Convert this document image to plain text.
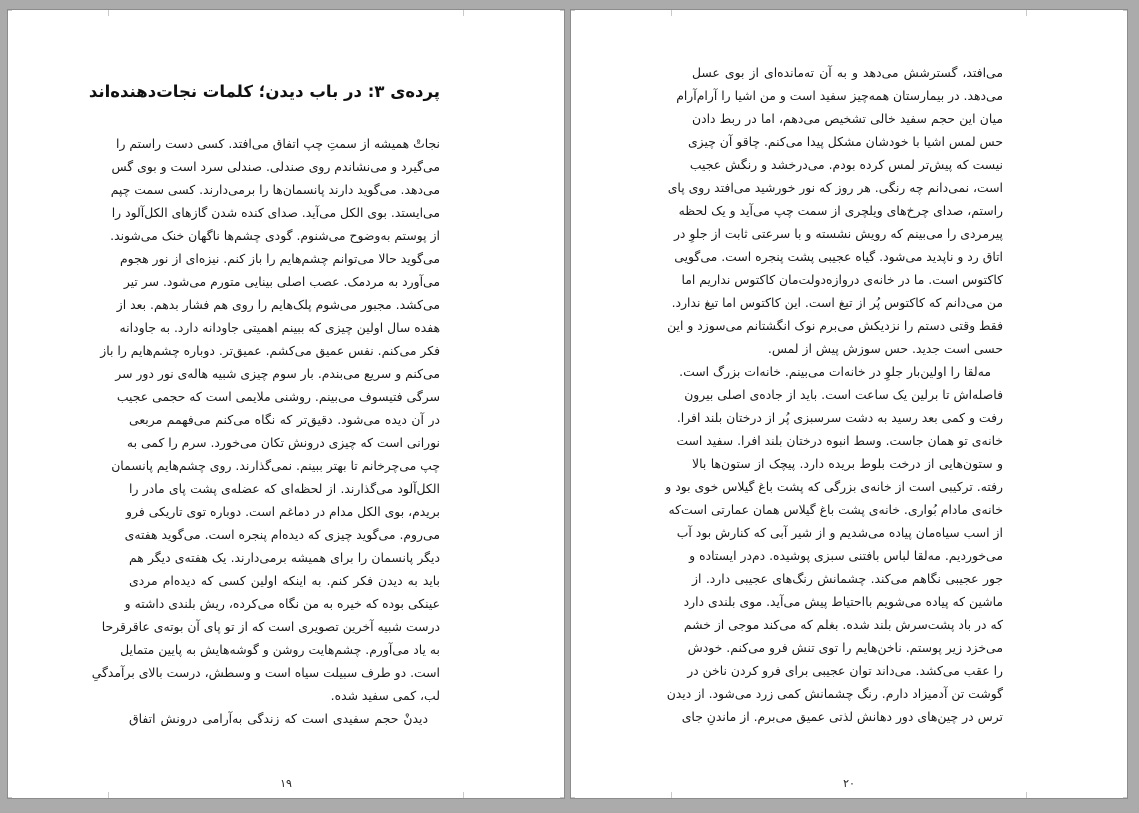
پرده‌ی ۳: در باب دیدن؛ کلمات نجات‌دهنده‌اند
نجاتْ همیشه از سمتِ چپ اتفاق می‌افتد. کسی دست راستم را
می‌گیرد و می‌نشاندم روی صندلی. صندلی سرد است و بوی گس
می‌دهد. می‌گوید دارند پانسمان‌ها را برمی‌دارند. کسی سمت چپم
می‌ایستد. بوی الکل می‌آید. صدای کنده شدن گازهای الکل‌آلود را
از پوستم به‌وضوح می‌شنوم. گودی چشم‌ها ناگهان خنک می‌شوند.
می‌گوید حالا می‌توانم چشم‌هایم را باز کنم. نیزه‌ای از نور هجوم
می‌آورد به مردمک. عصب اصلی بینایی متورم می‌شود. سر تیر
می‌کشد. مجبور می‌شوم پلک‌هایم را روی هم فشار بدهم. بعد از
هفده سال اولین چیزی که ببینم اهمیتی جاودانه دارد. به جاودانه
فکر می‌کنم. نفس عمیق می‌کشم. عمیق‌تر. دوباره چشم‌هایم را باز
می‌کنم و سریع می‌بندم. بار سوم چیزی شبیه هاله‌ی نور دور سر
سرگی فتیسوف می‌بینم. روشنی ملایمی است که حجمی عجیب
در آن دیده می‌شود. دقیق‌تر که نگاه می‌کنم می‌فهمم مربعی
نورانی است که چیزی درونش تکان می‌خورد. سرم را کمی به
چپ می‌چرخانم تا بهتر ببینم. نمی‌گذارند. روی چشم‌هایم پانسمان
الکل‌آلود می‌گذارند. از لحظه‌ای که عضله‌ی پشت پای مادر را
بریدم، بوی الکل مدام در دماغم است. دوباره توی تاریکی فرو
می‌روم. می‌گوید چیزی که دیده‌ام پنجره است. می‌گوید هفته‌ی
دیگر پانسمان را برای همیشه برمی‌دارند. یک هفته‌ی دیگر هم
باید به دیدن فکر کنم. به اینکه اولین کسی که دیده‌ام مردی
عینکی بوده که خیره به من نگاه می‌کرده، ریش بلندی داشته و
درست شبیه آخرین تصویری است که از تو پای آن بوته‌ی عاقرقرحا
به یاد می‌آورم. چشم‌هایت روشن و گوشه‌هایش به پایین متمایل
است. دو طرف سبیلت سیاه است و وسطش، درست بالای برآمدگیِ
لب، کمی سفید شده.
دیدنْ حجم سفیدی است که زندگی به‌آرامی درونش اتفاق
۱۹
می‌افتد، گسترشش می‌دهد و به آن ته‌مانده‌ای از بوی عسل
می‌دهد. در بیمارستان همه‌چیز سفید است و من اشیا را آرام‌آرام
میان این حجم سفید خالی تشخیص می‌دهم، اما در ربط دادن
حس لمس اشیا با خودشان مشکل پیدا می‌کنم. چاقو آن چیزی
نیست که پیش‌تر لمس کرده بودم. می‌درخشد و رنگش عجیب
است، نمی‌دانم چه رنگی. هر روز که نور خورشید می‌افتد روی پای
راستم، صدای چرخ‌های ویلچری از سمت چپ می‌آید و یک لحظه
پیرمردی را می‌بینم که رویش نشسته و با سرعتی ثابت از جلوِ در
اتاق رد و ناپدید می‌شود. گیاه عجیبی پشت پنجره است. می‌گویی
کاکتوس است. ما در خانه‌ی دروازه‌دولت‌مان کاکتوس نداریم اما
من می‌دانم که کاکتوس پُر از تیغ است. این کاکتوس اما تیغ ندارد.
فقط وقتی دستم را نزدیکش می‌برم نوک انگشتانم می‌سوزد و این
حسی است جدید. حس سوزش پیش از لمس.
مه‌لقا را اولین‌بار جلوِ در خانه‌ات می‌بینم. خانه‌ات بزرگ است.
فاصله‌اش تا برلین یک ساعت است. باید از جاده‌ی اصلی بیرون
رفت و کمی بعد رسید به دشت سرسبزی پُر از درختان بلند افرا.
خانه‌ی تو همان جاست. وسط انبوه درختان بلند افرا. سفید است
و ستون‌هایی از درخت بلوط بریده دارد. پیچک از ستون‌ها بالا
رفته. ترکیبی است از خانه‌ی بزرگی که پشت باغ گیلاس خوی بود و
خانه‌ی مادام بُواری. خانه‌ی پشت باغ گیلاس همان عمارتی است‌که
از اسب سیاه‌مان پیاده می‌شدیم و از شیر آبی که کنارش بود آب
می‌خوردیم. مه‌لقا لباس بافتنی سبزی پوشیده. دم‌در ایستاده و
جور عجیبی نگاهم می‌کند. چشمانش رنگ‌های عجیبی دارد. از
ماشین که پیاده می‌شویم بااحتیاط پیش می‌آید. موی بلندی دارد
که در باد پشت‌سرش بلند شده. بغلم که می‌کند موجی از خشم
می‌خزد زیر پوستم. ناخن‌هایم را توی تنش فرو می‌کنم. خودش
را عقب می‌کشد. می‌داند توان عجیبی برای فرو کردن ناخن در
گوشت تن آدمیزاد دارم. رنگ چشمانش کمی زرد می‌شود. از دیدن
ترس در چین‌های دور دهانش لذتی عمیق می‌برم. از ماندنِ جای
۲۰
